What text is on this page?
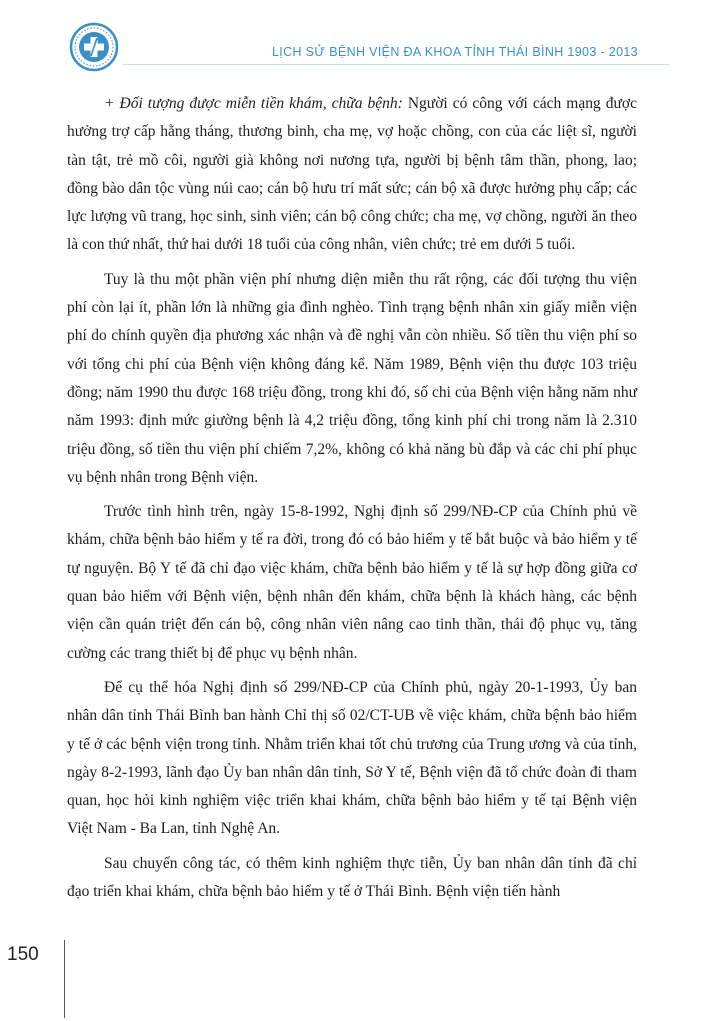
LỊCH SỬ BỆNH VIỆN ĐA KHOA TỈNH THÁI BÌNH 1903 - 2013

+ Đối tượng được miễn tiền khám, chữa bệnh: Người có công với cách mạng được hưởng trợ cấp hằng tháng, thương binh, cha mẹ, vợ hoặc chồng, con của các liệt sĩ, người tàn tật, trẻ mồ côi, người già không nơi nương tựa, người bị bệnh tâm thần, phong, lao; đồng bào dân tộc vùng núi cao; cán bộ hưu trí mất sức; cán bộ xã được hưởng phụ cấp; các lực lượng vũ trang, học sinh, sinh viên; cán bộ công chức; cha mẹ, vợ chồng, người ăn theo là con thứ nhất, thứ hai dưới 18 tuổi của công nhân, viên chức; trẻ em dưới 5 tuổi.

Tuy là thu một phần viện phí nhưng diện miễn thu rất rộng, các đối tượng thu viện phí còn lại ít, phần lớn là những gia đình nghèo. Tình trạng bệnh nhân xin giấy miễn viện phí do chính quyền địa phương xác nhận và đề nghị vẫn còn nhiều. Số tiền thu viện phí so với tổng chi phí của Bệnh viện không đáng kể. Năm 1989, Bệnh viện thu được 103 triệu đồng; năm 1990 thu được 168 triệu đồng, trong khi đó, số chi của Bệnh viện hằng năm như năm 1993: định mức giường bệnh là 4,2 triệu đồng, tổng kinh phí chi trong năm là 2.310 triệu đồng, số tiền thu viện phí chiếm 7,2%, không có khả năng bù đắp và các chi phí phục vụ bệnh nhân trong Bệnh viện.

Trước tình hình trên, ngày 15-8-1992, Nghị định số 299/NĐ-CP của Chính phủ về khám, chữa bệnh bảo hiểm y tế ra đời, trong đó có bảo hiểm y tế bắt buộc và bảo hiểm y tế tự nguyện. Bộ Y tế đã chỉ đạo việc khám, chữa bệnh bảo hiểm y tế là sự hợp đồng giữa cơ quan bảo hiểm với Bệnh viện, bệnh nhân đến khám, chữa bệnh là khách hàng, các bệnh viện cần quán triệt đến cán bộ, công nhân viên nâng cao tinh thần, thái độ phục vụ, tăng cường các trang thiết bị để phục vụ bệnh nhân.

Để cụ thể hóa Nghị định số 299/NĐ-CP của Chính phủ, ngày 20-1-1993, Ủy ban nhân dân tỉnh Thái Bình ban hành Chỉ thị số 02/CT-UB về việc khám, chữa bệnh bảo hiểm y tế ở các bệnh viện trong tỉnh. Nhằm triển khai tốt chủ trương của Trung ương và của tỉnh, ngày 8-2-1993, lãnh đạo Ủy ban nhân dân tỉnh, Sở Y tế, Bệnh viện đã tổ chức đoàn đi tham quan, học hỏi kinh nghiệm việc triển khai khám, chữa bệnh bảo hiểm y tế tại Bệnh viện Việt Nam - Ba Lan, tỉnh Nghệ An.

Sau chuyến công tác, có thêm kinh nghiệm thực tiễn, Ủy ban nhân dân tỉnh đã chỉ đạo triển khai khám, chữa bệnh bảo hiểm y tế ở Thái Bình. Bệnh viện tiến hành

150
